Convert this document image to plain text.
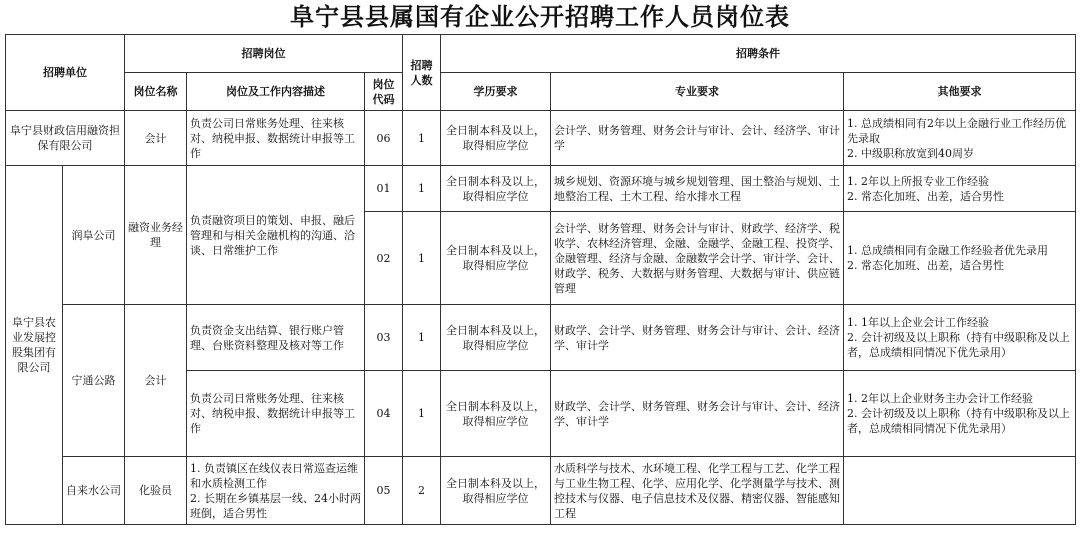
阜宁县县属国有企业公开招聘工作人员岗位表
招聘单位		招聘岗位			招聘人数	招聘条件		
		岗位名称	岗位及工作内容描述	岗位代码		学历要求	专业要求	其他要求
阜宁县财政信用融资担保有限公司		会计	负责公司日常账务处理、往来核对、纳税申报、数据统计申报等工作	06	1	全日制本科及以上，取得相应学位	会计学、财务管理、财务会计与审计、会计、经济学、审计学	1. 总成绩相同有2年以上金融行业工作经历优先录取
2. 中级职称放宽到40周岁

阜宁县农业发展控股集团有限公司	润阜公司	融资业务经理	负责融资项目的策划、申报、融后管理和与相关金融机构的沟通、洽谈、日常维护工作	01	1	全日制本科及以上，取得相应学位	城乡规划、资源环境与城乡规划管理、国土整治与规划、土地整治工程、土木工程、给水排水工程	1. 2年以上所报专业工作经验
2. 常态化加班、出差，适合男性

				02	1	全日制本科及以上，取得相应学位	会计学、财务管理、财务会计与审计、财政学、经济学、税收学、农林经济管理、金融、金融学、金融工程、投资学、金融管理、经济与金融、金融数学会计学、审计学、会计、财政学、税务、大数据与财务管理、大数据与审计、供应链管理	1. 总成绩相同有金融工作经验者优先录用
2. 常态化加班、出差，适合男性

	宁通公路	会计	负责资金支出结算、银行账户管理、台账资料整理及核对等工作	03	1	全日制本科及以上，取得相应学位	财政学、会计学、财务管理、财务会计与审计、会计、经济学、审计学	1. 1年以上企业会计工作经验
2. 会计初级及以上职称（持有中级职称及以上者，总成绩相同情况下优先录用）

			负责公司日常账务处理、往来核对、纳税申报、数据统计申报等工作	04	1	全日制本科及以上，取得相应学位	财政学、会计学、财务管理、财务会计与审计、会计、经济学、审计学	1. 2年以上企业财务主办会计工作经验
2. 会计初级及以上职称（持有中级职称及以上者，总成绩相同情况下优先录用）

	自来水公司	化验员	1. 负责镇区在线仪表日常巡查运维和水质检测工作
2. 长期在乡镇基层一线、24小时两班倒，适合男性	05	2	全日制本科及以上，取得相应学位	水质科学与技术、水环境工程、化学工程与工艺、化学工程与工业生物工程、化学、应用化学、化学测量学与技术、测控技术与仪器、电子信息技术及仪器、精密仪器、智能感知工程	
